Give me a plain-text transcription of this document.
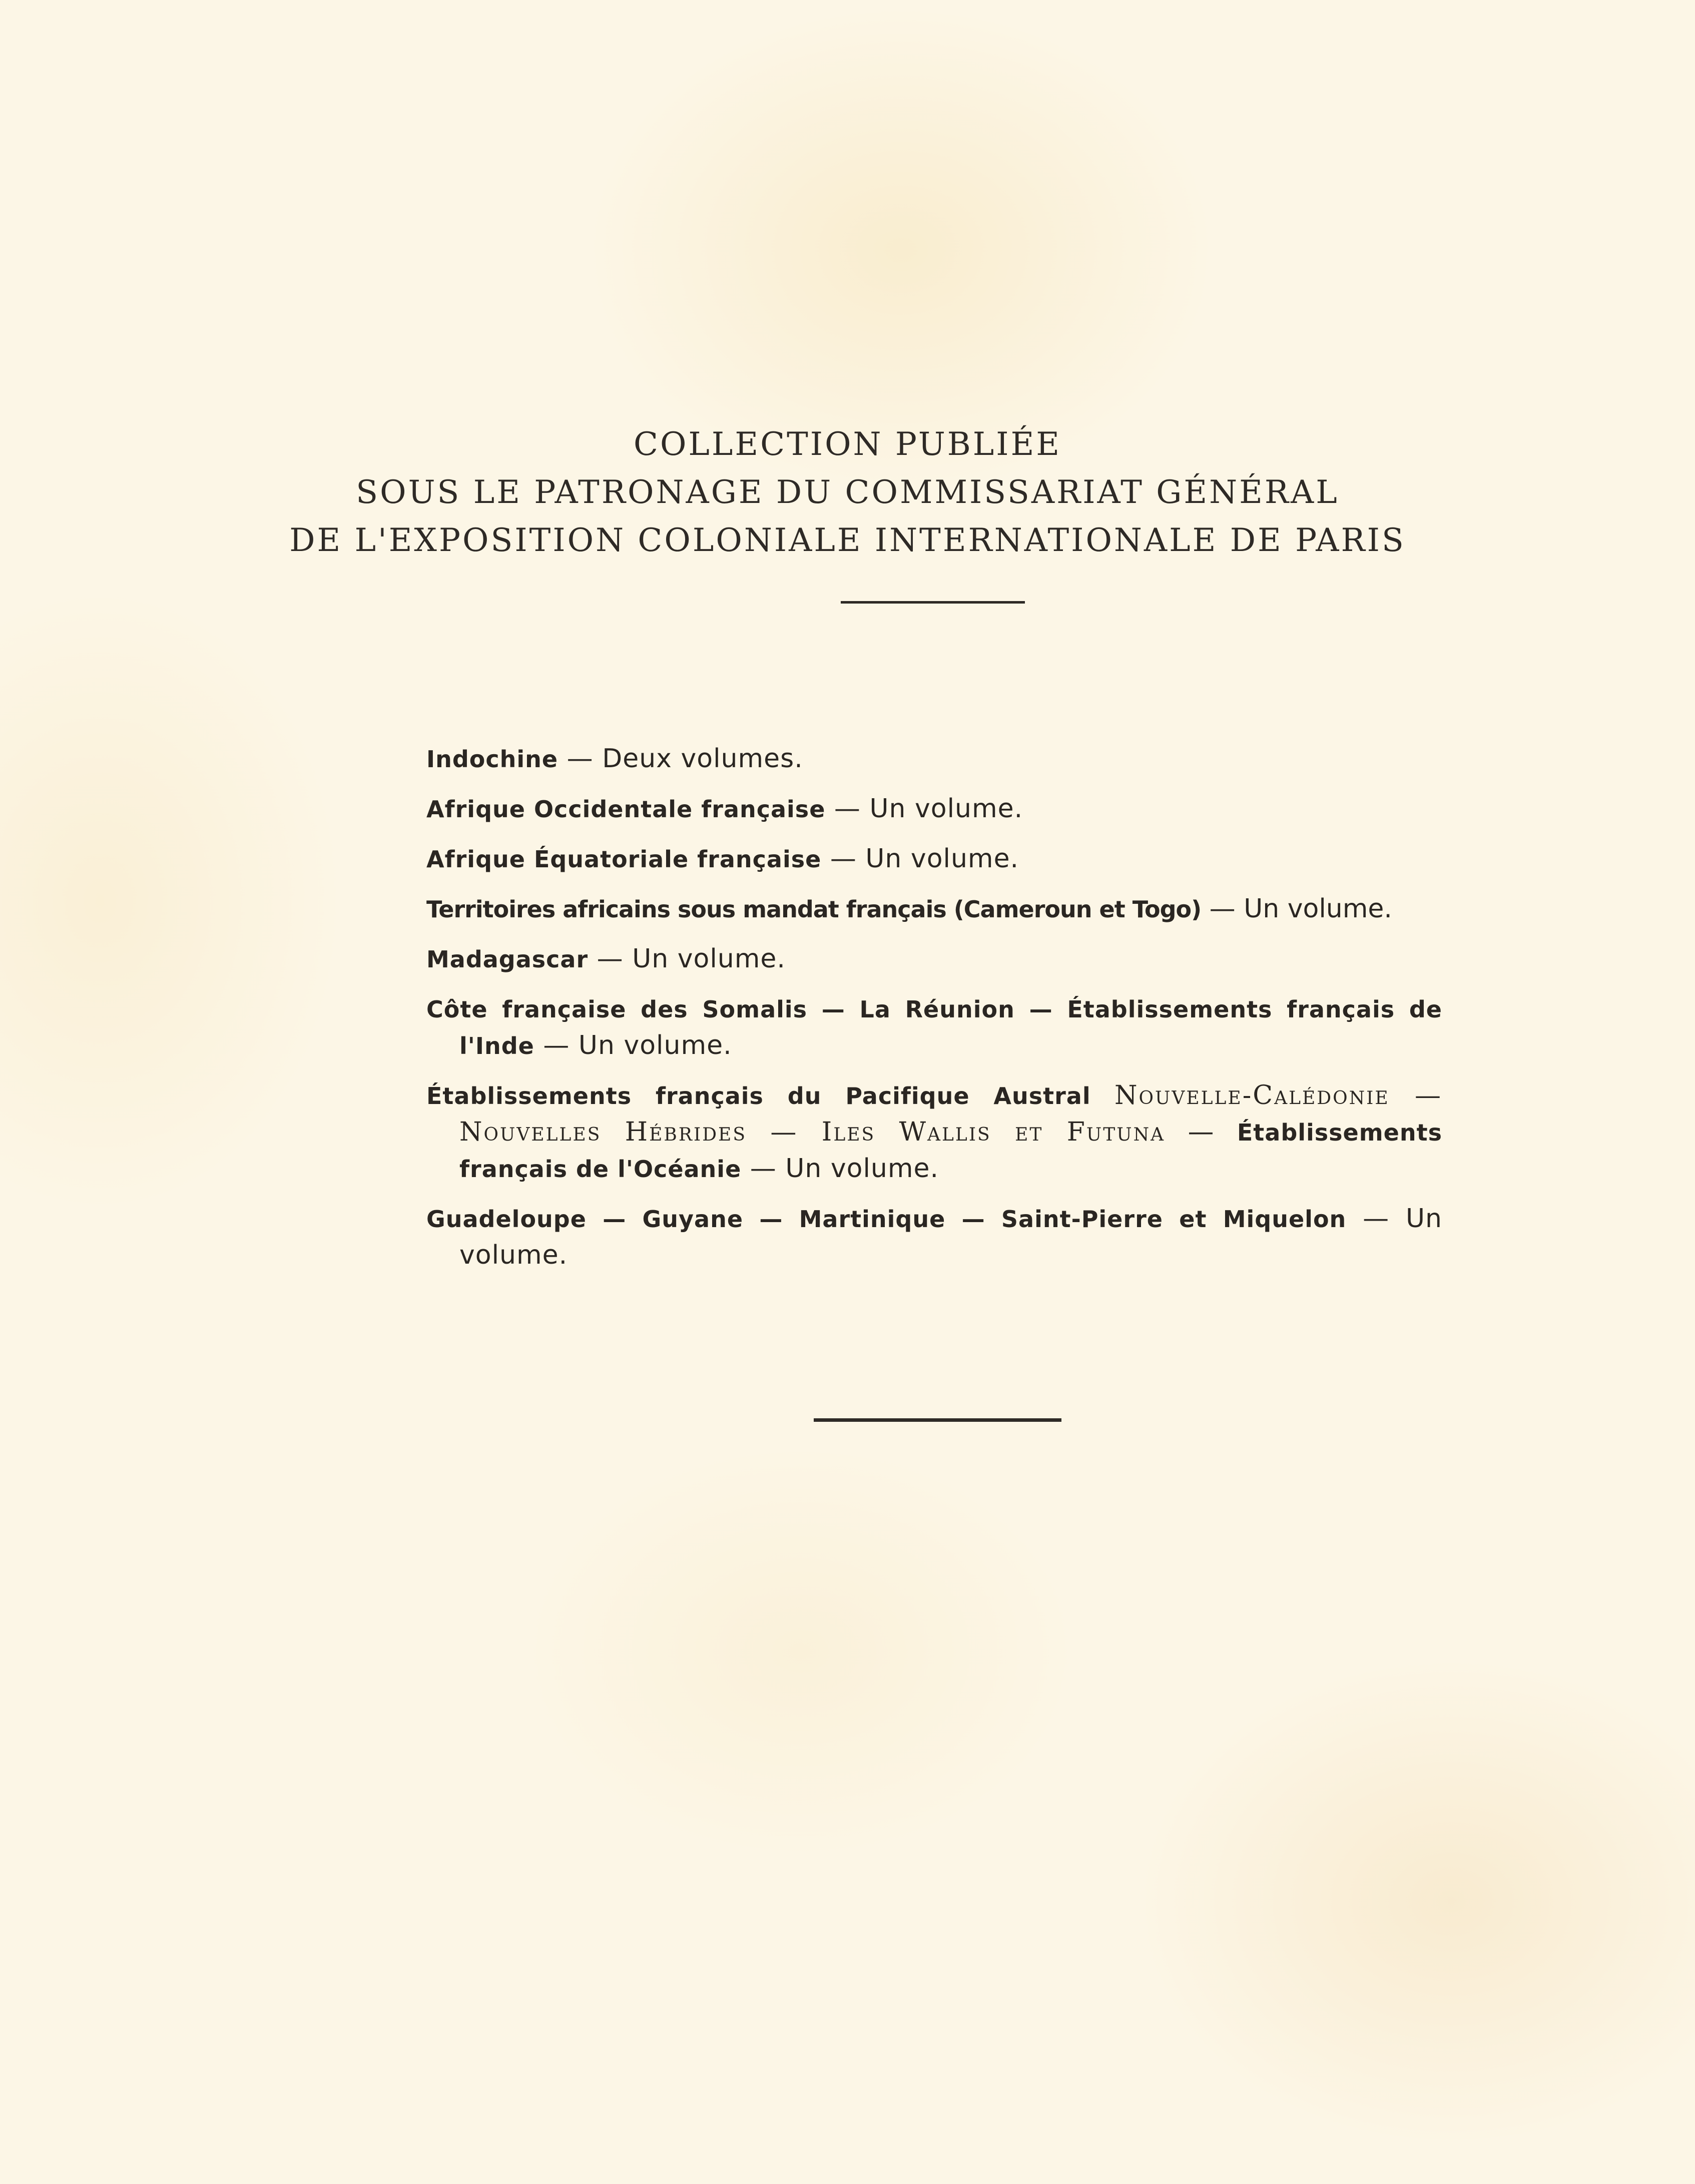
COLLECTION PUBLIÉE
SOUS LE PATRONAGE DU COMMISSARIAT GÉNÉRAL
DE L'EXPOSITION COLONIALE INTERNATIONALE DE PARIS
Indochine — Deux volumes.
Afrique Occidentale française — Un volume.
Afrique Équatoriale française — Un volume.
Territoires africains sous mandat français (Cameroun et Togo) — Un volume.
Madagascar — Un volume.
Côte française des Somalis — La Réunion — Établissements français de l'Inde — Un volume.
Établissements français du Pacifique Austral Nouvelle-Calédonie — Nouvelles Hébrides — Iles Wallis et Futuna — Établissements français de l'Océanie — Un volume.
Guadeloupe — Guyane — Martinique — Saint-Pierre et Miquelon — Un volume.
